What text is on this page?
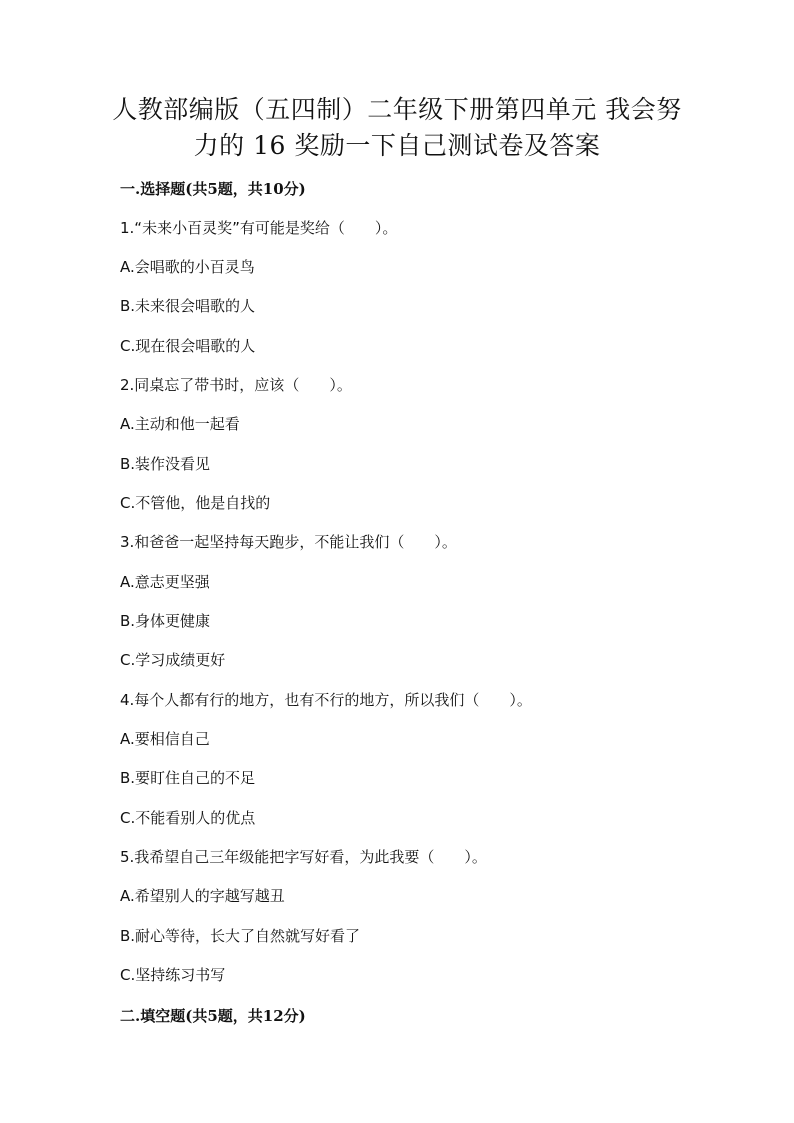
人教部编版（五四制）二年级下册第四单元 我会努
力的 16 奖励一下自己测试卷及答案
一.选择题(共5题，共10分)
1.“未来小百灵奖”有可能是奖给（　　）。
A.会唱歌的小百灵鸟
B.未来很会唱歌的人
C.现在很会唱歌的人
2.同桌忘了带书时，应该（　　）。
A.主动和他一起看
B.装作没看见
C.不管他，他是自找的
3.和爸爸一起坚持每天跑步，不能让我们（　　）。
A.意志更坚强
B.身体更健康
C.学习成绩更好
4.每个人都有行的地方，也有不行的地方，所以我们（　　）。
A.要相信自己
B.要盯住自己的不足
C.不能看别人的优点
5.我希望自己三年级能把字写好看，为此我要（　　）。
A.希望别人的字越写越丑
B.耐心等待，长大了自然就写好看了
C.坚持练习书写
二.填空题(共5题，共12分)
